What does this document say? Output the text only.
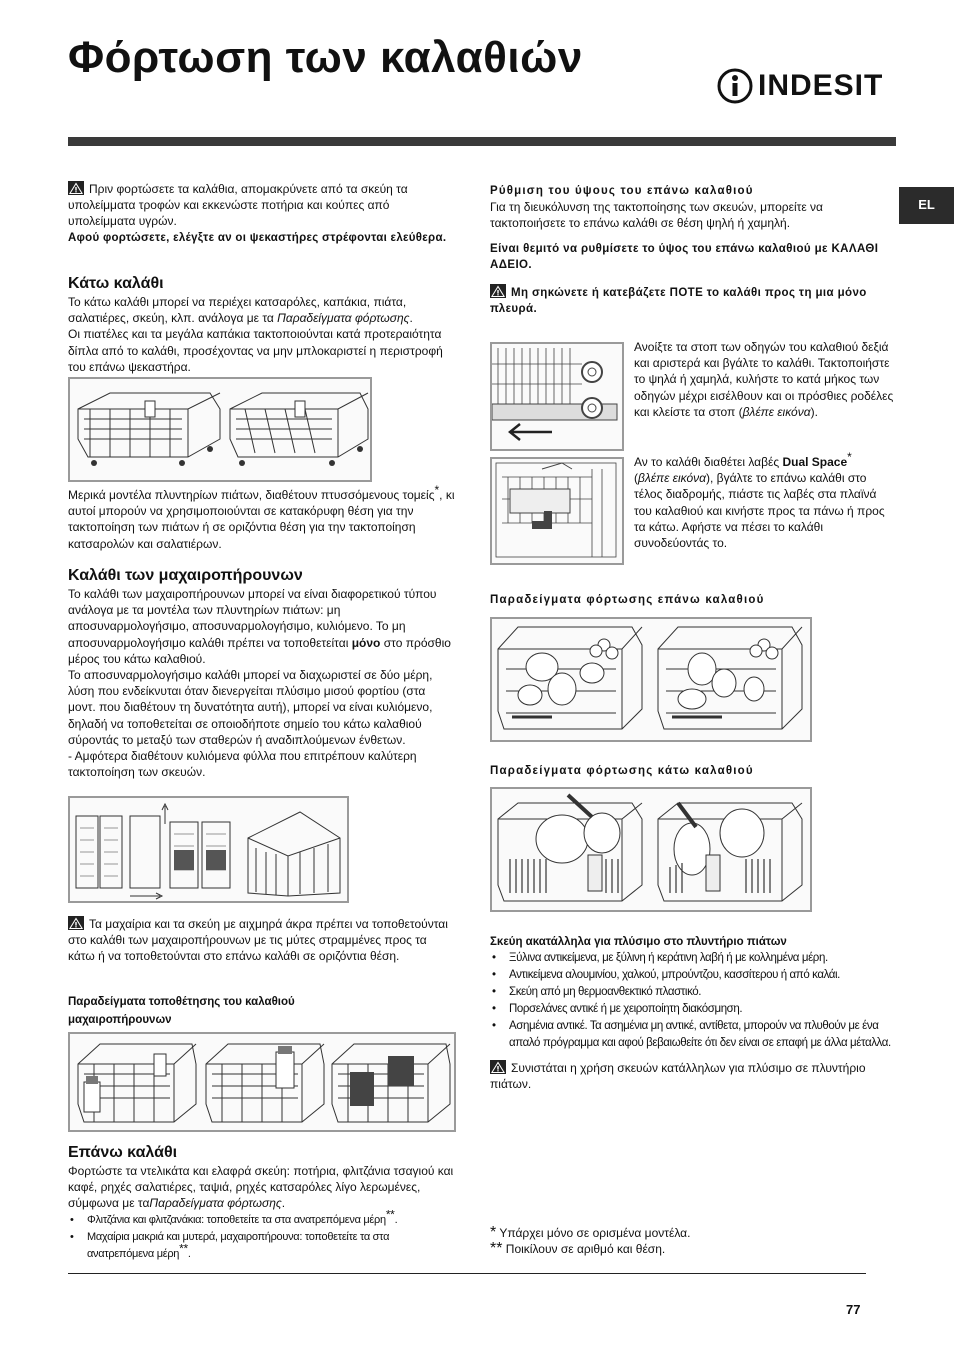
Φόρτωση των καλαθιών
INDESIT
EL

Πριν φορτώσετε τα καλάθια, απομακρύνετε από τα σκεύη τα υπολείμματα τροφών και εκκενώστε ποτήρια και κούπες από υπολείμματα υγρών.

Αφού φορτώσετε, ελέγξτε αν οι ψεκαστήρες στρέφονται ελεύθερα.

Κάτω καλάθι

Το κάτω καλάθι μπορεί να περιέχει κατσαρόλες, καπάκια, πιάτα, σαλατιέρες, σκεύη, κλπ. ανάλογα με τα Παραδείγματα φόρτωσης.
Οι πιατέλες και τα μεγάλα καπάκια τακτοποιούνται κατά προτεραιότητα δίπλα από το καλάθι, προσέχοντας να μην μπλοκαριστεί η περιστροφή του επάνω ψεκαστήρα.

Μερικά μοντέλα πλυντηρίων πιάτων, διαθέτουν πτυσσόμενους τομείς*, κι αυτοί μπορούν να χρησιμοποιούνται σε κατακόρυφη θέση για την τακτοποίηση των πιάτων ή σε οριζόντια θέση για την τακτοποίηση κατσαρολών και σαλατιέρων.

Καλάθι των μαχαιροπήρουνων

Το καλάθι των μαχαιροπήρουνων μπορεί να είναι διαφορετικού τύπου ανάλογα με τα μοντέλα των πλυντηρίων πιάτων: μη αποσυναρμολογήσιμο, αποσυναρμολογήσιμο, κυλιόμενο. Το μη αποσυναρμολογήσιμο καλάθι πρέπει να τοποθετείται μόνο στο πρόσθιο μέρος του κάτω καλαθιού.

Το αποσυναρμολογήσιμο καλάθι μπορεί να διαχωριστεί σε δύο μέρη, λύση που ενδείκνυται όταν διενεργείται πλύσιμο μισού φορτίου (στα μοντ. που διαθέτουν τη δυνατότητα αυτή), μπορεί να είναι κυλιόμενο, δηλαδή να τοποθετείται σε οποιοδήποτε σημείο του κάτω καλαθιού σύροντάς το μεταξύ των σταθερών ή αναδιπλούμενων ένθετων.

- Αμφότερα διαθέτουν κυλιόμενα φύλλα που επιτρέπουν καλύτερη τακτοποίηση των σκευών.

Τα μαχαίρια και τα σκεύη με αιχμηρά άκρα πρέπει να τοποθετούνται στο καλάθι των μαχαιροπήρουνων με τις μύτες στραμμένες προς τα κάτω ή να τοποθετούνται στο επάνω καλάθι σε οριζόντια θέση.

Παραδείγματα τοποθέτησης του καλαθιού μαχαιροπήρουνων

Επάνω καλάθι

Φορτώστε τα ντελικάτα και ελαφρά σκεύη: ποτήρια, φλιτζάνια τσαγιού και καφέ, ρηχές σαλατιέρες, ταψιά, ρηχές κατσαρόλες λίγο λερωμένες, σύμφωνα με ταΠαραδείγματα φόρτωσης.

• Φλιτζάνια και φλιτζανάκια: τοποθετείτε τα στα ανατρεπόμενα μέρη**.
• Μαχαίρια μακριά και μυτερά, μαχαιροπήρουνα: τοποθετείτε τα στα ανατρεπόμενα μέρη**.

Ρύθμιση του ύψους του επάνω καλαθιού

Για τη διευκόλυνση της τακτοποίησης των σκευών, μπορείτε να τακτοποιήσετε το επάνω καλάθι σε θέση ψηλή ή χαμηλή.

Είναι θεμιτό να ρυθμίσετε το ύψος του επάνω καλαθιού με ΚΑΛΑΘΙ ΑΔΕΙΟ.

Μη σηκώνετε ή κατεβάζετε ΠΟΤΕ το καλάθι προς τη μια μόνο πλευρά.

Ανοίξτε τα στοπ των οδηγών του καλαθιού δεξιά και αριστερά και βγάλτε το καλάθι. Τακτοποιήστε το ψηλά ή χαμηλά, κυλήστε το κατά μήκος των οδηγών μέχρι εισέλθουν και οι πρόσθιες ροδέλες και κλείστε τα στοπ (βλέπε εικόνα).

Αν το καλάθι διαθέτει λαβές Dual Space*
(βλέπε εικόνα), βγάλτε το επάνω καλάθι στο τέλος διαδρομής, πιάστε τις λαβές στα πλαϊνά του καλαθιού και κινήστε προς τα πάνω ή προς τα κάτω. Αφήστε να πέσει το καλάθι συνοδεύοντάς το.

Παραδείγματα φόρτωσης επάνω καλαθιού

Παραδείγματα φόρτωσης κάτω καλαθιού

Σκεύη ακατάλληλα για πλύσιμο στο πλυντήριο πιάτων

• Ξύλινα αντικείμενα, με ξύλινη ή κεράτινη λαβή ή με κολλημένα μέρη.
• Αντικείμενα αλουμινίου, χαλκού, μπρούντζου, κασσίτερου ή από καλάι.
• Σκεύη από μη θερμοανθεκτικό πλαστικό.
• Πορσελάνες αντικέ ή με χειροποίητη διακόσμηση.
• Ασημένια αντικέ. Τα ασημένια μη αντικέ, αντίθετα, μπορούν να πλυθούν με ένα απαλό πρόγραμμα και αφού βεβαιωθείτε ότι δεν είναι σε επαφή με άλλα μέταλλα.

Συνιστάται η χρήση σκευών κατάλληλων για πλύσιμο σε πλυντήριο πιάτων.

* Υπάρχει μόνο σε ορισμένα μοντέλα.

** Ποικίλουν σε αριθμό και θέση.

77
